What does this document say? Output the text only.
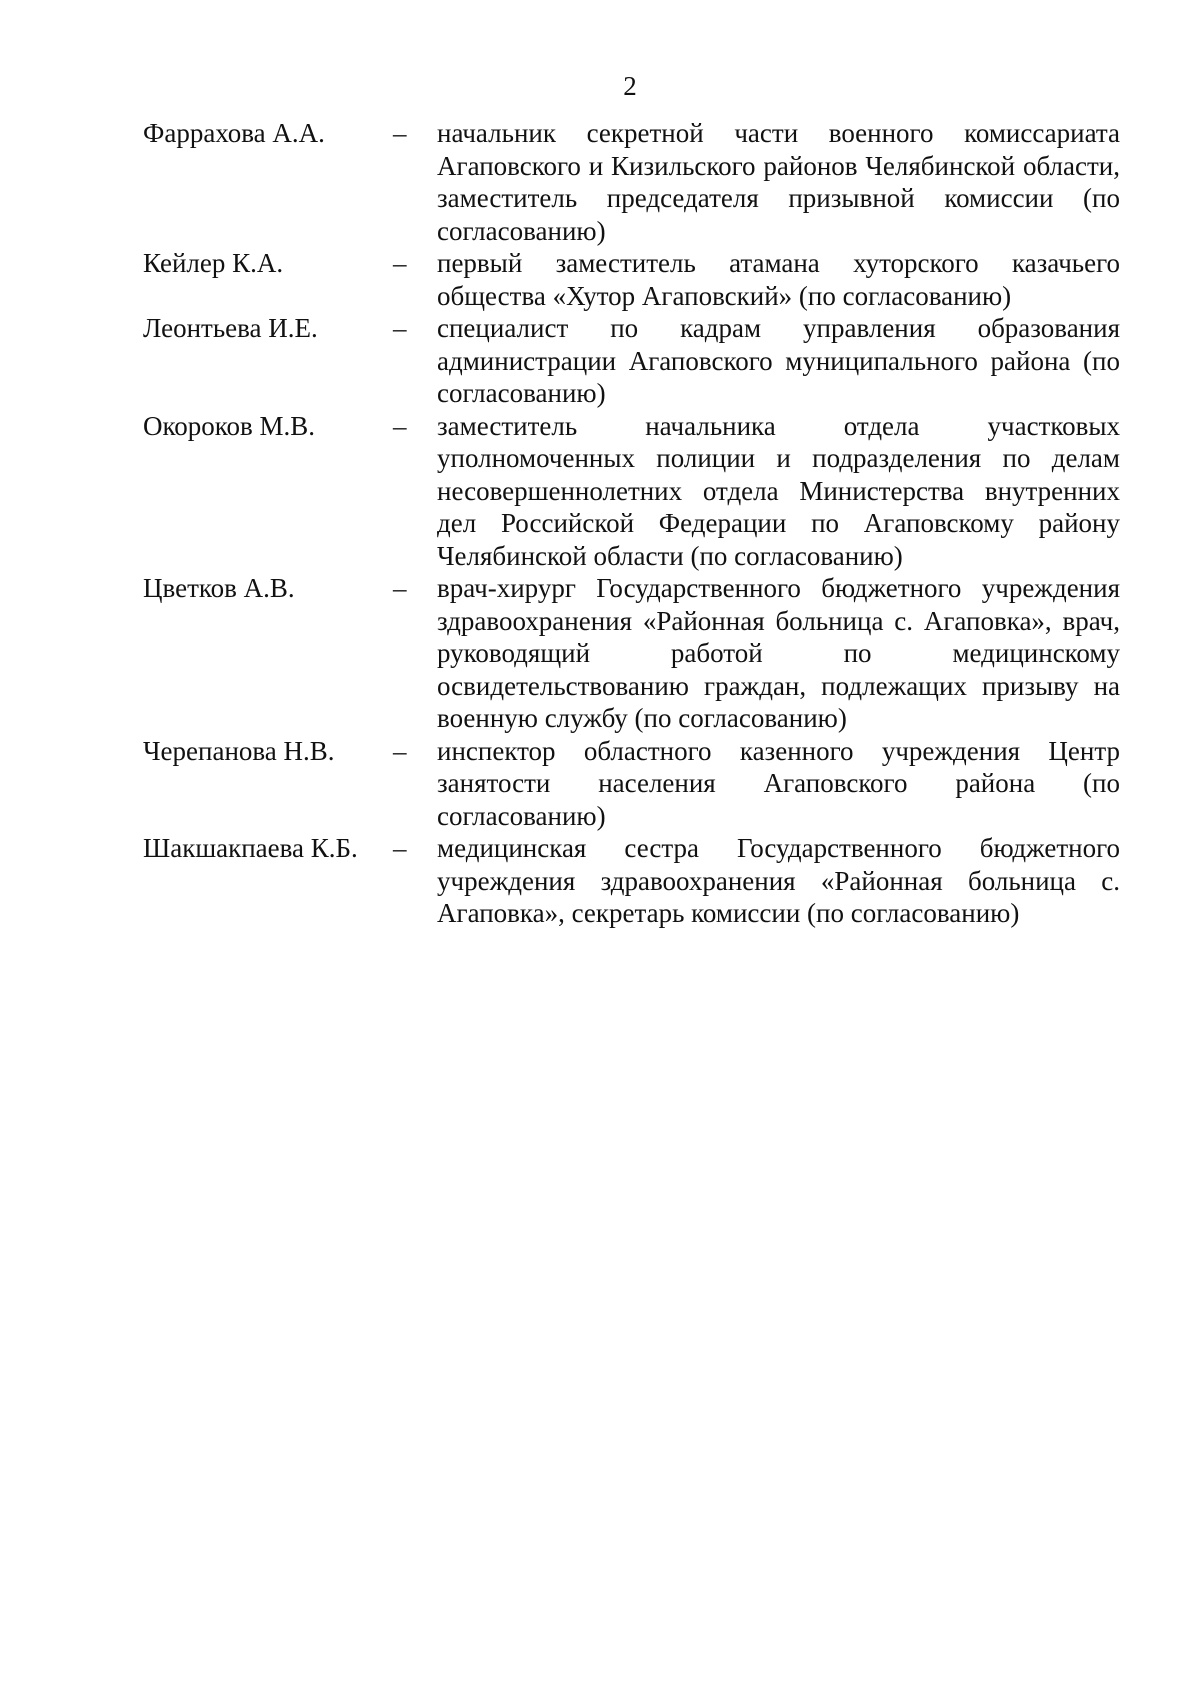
2
Фаррахова А.А.	–	начальник секретной части военного комиссариата Агаповского и Кизильского районов Челябинской области, заместитель председателя призывной комиссии (по согласованию)
Кейлер К.А.	–	первый заместитель атамана хуторского казачьего общества «Хутор Агаповский» (по согласованию)
Леонтьева И.Е.	–	специалист по кадрам управления образования администрации Агаповского муниципального района (по согласованию)
Окороков М.В.	–	заместитель начальника отдела участковых уполномоченных полиции и подразделения по делам несовершеннолетних отдела Министерства внутренних дел Российской Федерации по Агаповскому району Челябинской области (по согласованию)
Цветков А.В.	–	врач-хирург Государственного бюджетного учреждения здравоохранения «Районная больница с. Агаповка», врач, руководящий работой по медицинскому освидетельствованию граждан, подлежащих призыву на военную службу (по согласованию)
Черепанова Н.В.	–	инспектор областного казенного учреждения Центр занятости населения Агаповского района (по согласованию)
Шакшакпаева К.Б.	–	медицинская сестра Государственного бюджетного учреждения здравоохранения «Районная больница с. Агаповка», секретарь комиссии (по согласованию)
